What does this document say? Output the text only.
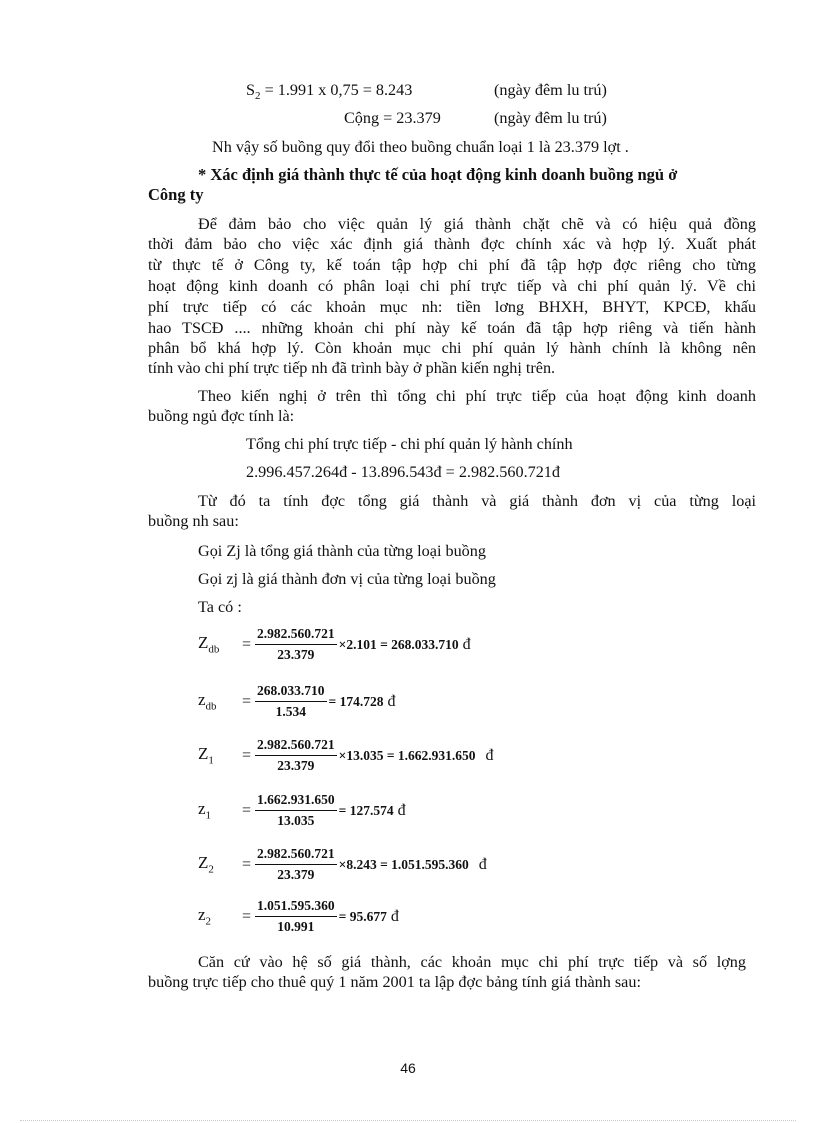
$S_2 = 1.991$ x 0,75 = 8.243	(ngày đêm lu trú)
Cộng = 23.379	(ngày đêm lu trú)
Nh vậy số buồng quy đổi theo buồng chuẩn loại 1 là 23.379 lợt .
* Xác định giá thành thực tế của hoạt động kinh doanh buồng ngủ ở
Công ty
Để đảm bảo cho việc quản lý giá thành chặt chẽ và có hiệu quả đồng
thời đảm bảo cho việc xác định giá thành đợc chính xác và hợp lý. Xuất phát
từ thực tế ở Công ty, kế toán tập hợp chi phí đã tập hợp đợc riêng cho từng
hoạt động kinh doanh có phân loại chi phí trực tiếp và chi phí quản lý. Về chi
phí trực tiếp có các khoản mục nh: tiền lơng BHXH, BHYT, KPCĐ, khấu
hao TSCĐ .... những khoản chi phí này kế toán đã tập hợp riêng và tiến hành
phân bổ khá hợp lý. Còn khoản mục chi phí quản lý hành chính là không nên
tính vào chi phí trực tiếp nh đã trình bày ở phần kiến nghị trên.
Theo kiến nghị ở trên thì tổng chi phí trực tiếp của hoạt động kinh doanh
buồng ngủ đợc tính là:
Tổng chi phí trực tiếp - chi phí quản lý hành chính
2.996.457.264đ - 13.896.543đ = 2.982.560.721đ
Từ đó ta tính đợc tổng giá thành và giá thành đơn vị của từng loại
buồng nh sau:
Gọi Zj là tổng giá thành của từng loại buồng
Gọi zj là giá thành đơn vị của từng loại buồng
Ta có :
$Z_{db}$	= $\frac{2.982.560.721}{23.379} \times 2.101 = 268.033.710$ đ
$z_{db}$	= $\frac{268.033.710}{1.534} = 174.728$ đ
$Z_1$	= $\frac{2.982.560.721}{23.379} \times 13.035 = 1.662.931.650$ đ
$z_1$	= $\frac{1.662.931.650}{13.035} = 127.574$ đ
$Z_2$	= $\frac{2.982.560.721}{23.379} \times 8.243 = 1.051.595.360$ đ
$z_2$	= $\frac{1.051.595.360}{10.991} = 95.677$ đ
Căn cứ vào hệ số giá thành, các khoản mục chi phí trực tiếp và số lợng
buồng trực tiếp cho thuê quý 1 năm 2001 ta lập đợc bảng tính giá thành sau:
46
